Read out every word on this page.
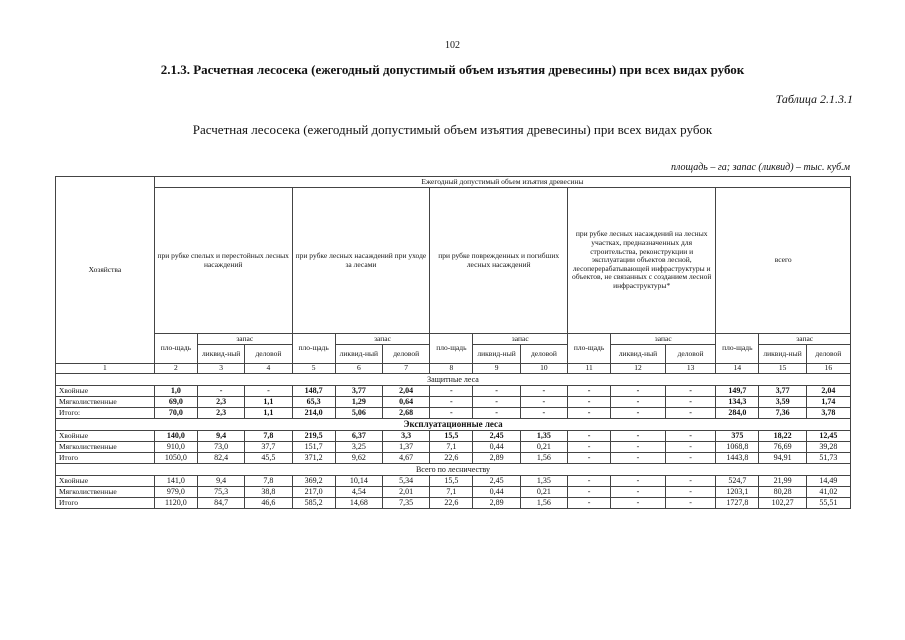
102
2.1.3. Расчетная лесосека (ежегодный допустимый объем изъятия древесины) при всех видах рубок
Таблица 2.1.3.1
Расчетная лесосека (ежегодный допустимый объем изъятия древесины) при всех видах рубок
площадь – га; запас (ликвид) – тыс. куб.м
Хозяйства	Ежегодный допустимый объем изъятия древесины														
	при рубке спелых и перестойных лесных насаждений			при рубке лесных насаждений при уходе за лесами			при рубке поврежденных и погибших лесных насаждений			при рубке лесных насаждений на лесных участках, предназначенных для строительства, реконструкции и эксплуатации объектов лесной, лесоперерабатывающей инфраструктуры и объектов, не связанных с созданием лесной инфраструктуры*			всего		
	пло-щадь	запас		пло-щадь	запас		пло-щадь	запас		пло-щадь	запас		пло-щадь	запас	
		ликвид-ный	деловой		ликвид-ный	деловой		ликвид-ный	деловой		ликвид-ный	деловой		ликвид-ный	деловой
1	2	3	4	5	6	7	8	9	10	11	12	13	14	15	16
Защитные леса															
Хвойные	1,0	-	-	148,7	3,77	2,04	-	-	-	-	-	-	149,7	3,77	2,04
Мягколиственные	69,0	2,3	1,1	65,3	1,29	0,64	-	-	-	-	-	-	134,3	3,59	1,74
Итого:	70,0	2,3	1,1	214,0	5,06	2,68	-	-	-	-	-	-	284,0	7,36	3,78
Эксплуатационные леса															
Хвойные	140,0	9,4	7,8	219,5	6,37	3,3	15,5	2,45	1,35	-	-	-	375	18,22	12,45
Мягколиственные	910,0	73,0	37,7	151,7	3,25	1,37	7,1	0,44	0,21	-	-	-	1068,8	76,69	39,28
Итого	1050,0	82,4	45,5	371,2	9,62	4,67	22,6	2,89	1,56	-	-	-	1443,8	94,91	51,73
Всего по лесничеству															
Хвойные	141,0	9,4	7,8	369,2	10,14	5,34	15,5	2,45	1,35	-	-	-	524,7	21,99	14,49
Мягколиственные	979,0	75,3	38,8	217,0	4,54	2,01	7,1	0,44	0,21	-	-	-	1203,1	80,28	41,02
Итого	1120,0	84,7	46,6	585,2	14,68	7,35	22,6	2,89	1,56	-	-	-	1727,8	102,27	55,51
